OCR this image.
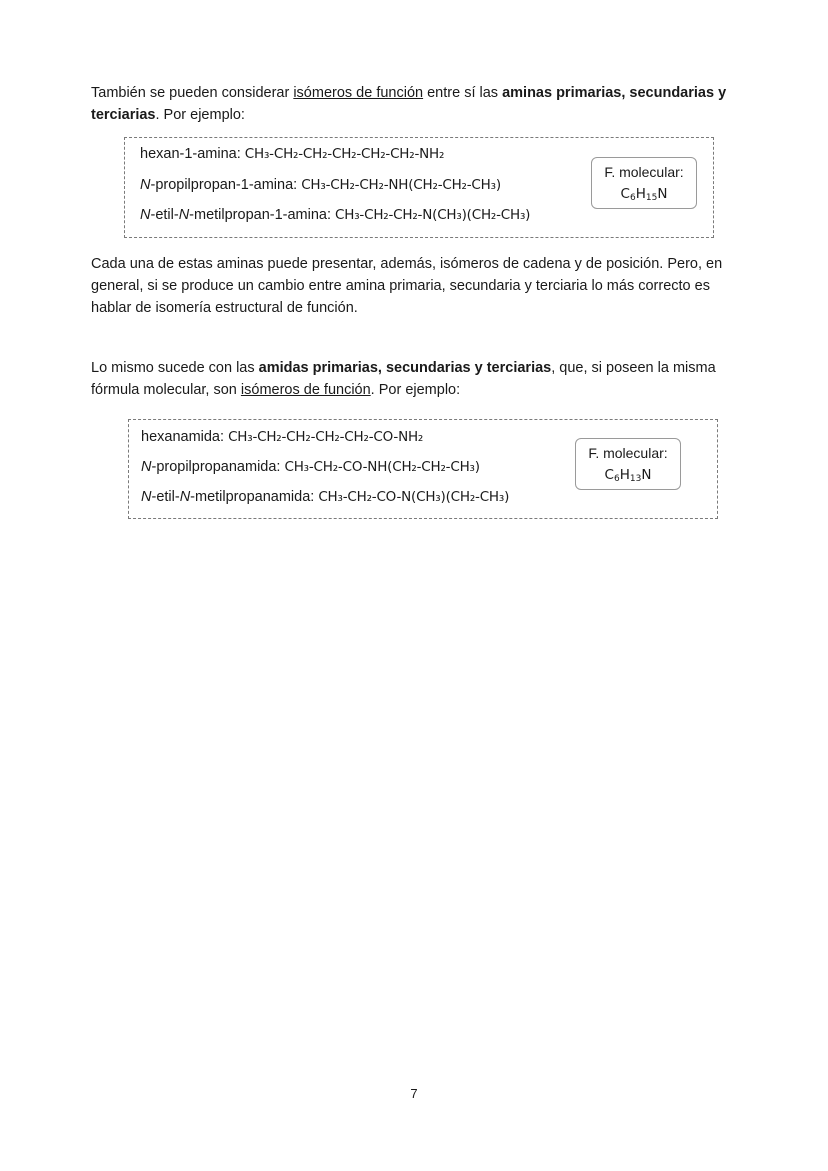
También se pueden considerar isómeros de función entre sí las aminas primarias, secundarias y terciarias. Por ejemplo:

hexan-1-amina: CH₃-CH₂-CH₂-CH₂-CH₂-CH₂-NH₂

N-propilpropan-1-amina: CH₃-CH₂-CH₂-NH(CH₂-CH₂-CH₃)

N-etil-N-metilpropan-1-amina: CH₃-CH₂-CH₂-N(CH₃)(CH₂-CH₃)

F. molecular:
$C_6H_{15}N$

Cada una de estas aminas puede presentar, además, isómeros de cadena y de posición. Pero, en general, si se produce un cambio entre amina primaria, secundaria y terciaria lo más correcto es hablar de isomería estructural de función.

Lo mismo sucede con las amidas primarias, secundarias y terciarias, que, si poseen la misma fórmula molecular, son isómeros de función. Por ejemplo:

hexanamida: CH₃-CH₂-CH₂-CH₂-CH₂-CO-NH₂

N-propilpropanamida: CH₃-CH₂-CO-NH(CH₂-CH₂-CH₃)

N-etil-N-metilpropanamida: CH₃-CH₂-CO-N(CH₃)(CH₂-CH₃)

F. molecular:
$C_6H_{13}N$
7
